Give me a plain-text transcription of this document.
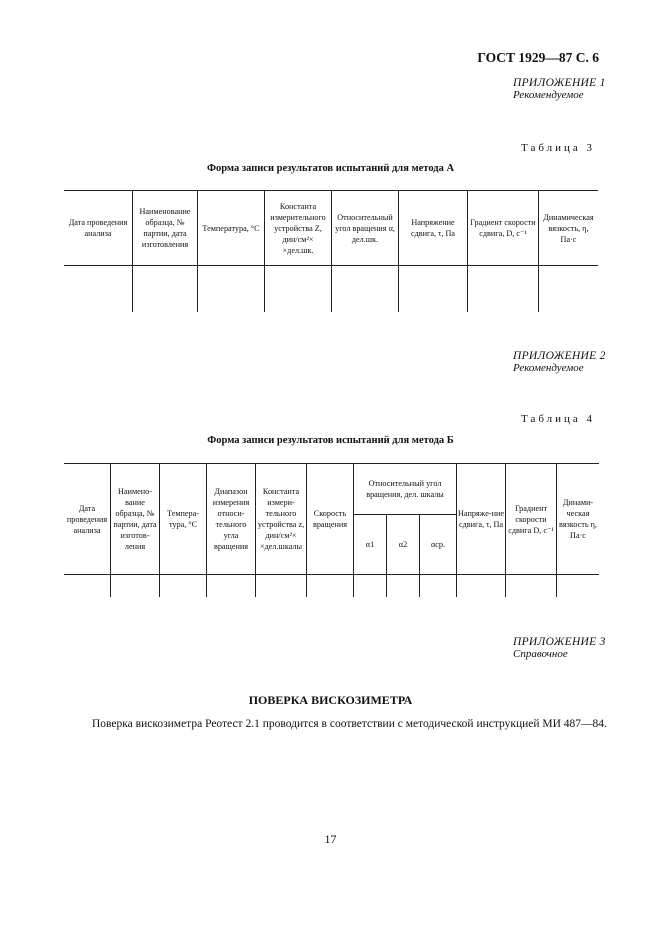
ГОСТ 1929—87 С. 6
ПРИЛОЖЕНИЕ 1
Рекомендуемое
Таблица 3
Форма записи результатов испытаний для метода А
Дата проведения анализа	Наименование образца, № партии, дата изготовления	Температура, °С	Константа измерительного устройства Z, дин/см²× ×дел.шк.	Относительный угол вращения α, дел.шк.	Напряжение сдвига, τ, Па	Градиент скорости сдвига, D, с⁻¹	Динамическая вязкость, η, Па·с

ПРИЛОЖЕНИЕ 2
Рекомендуемое
Таблица 4
Форма записи результатов испытаний для метода Б
Дата проведения анализа	Наимено-вание образца, № партии, дата изготов-ления	Темпера-тура, °С	Диапазон измерения относи-тельного угла вращения	Константа измери-тельного устройства z, дин/см²× ×дел.шкалы	Скорость вращения	Относительный угол вращения, дел. шкалы			Напряже-ние сдвига, τ, Па	Градиент скорости сдвига D, с⁻¹	Динами-ческая вязкость η, Па·с
						α1	α2	αср.			

ПРИЛОЖЕНИЕ 3
Справочное
ПОВЕРКА ВИСКОЗИМЕТРА
Поверка вискозиметра Реотест 2.1 проводится в соответствии с методической инструкцией МИ 487—84.
17
